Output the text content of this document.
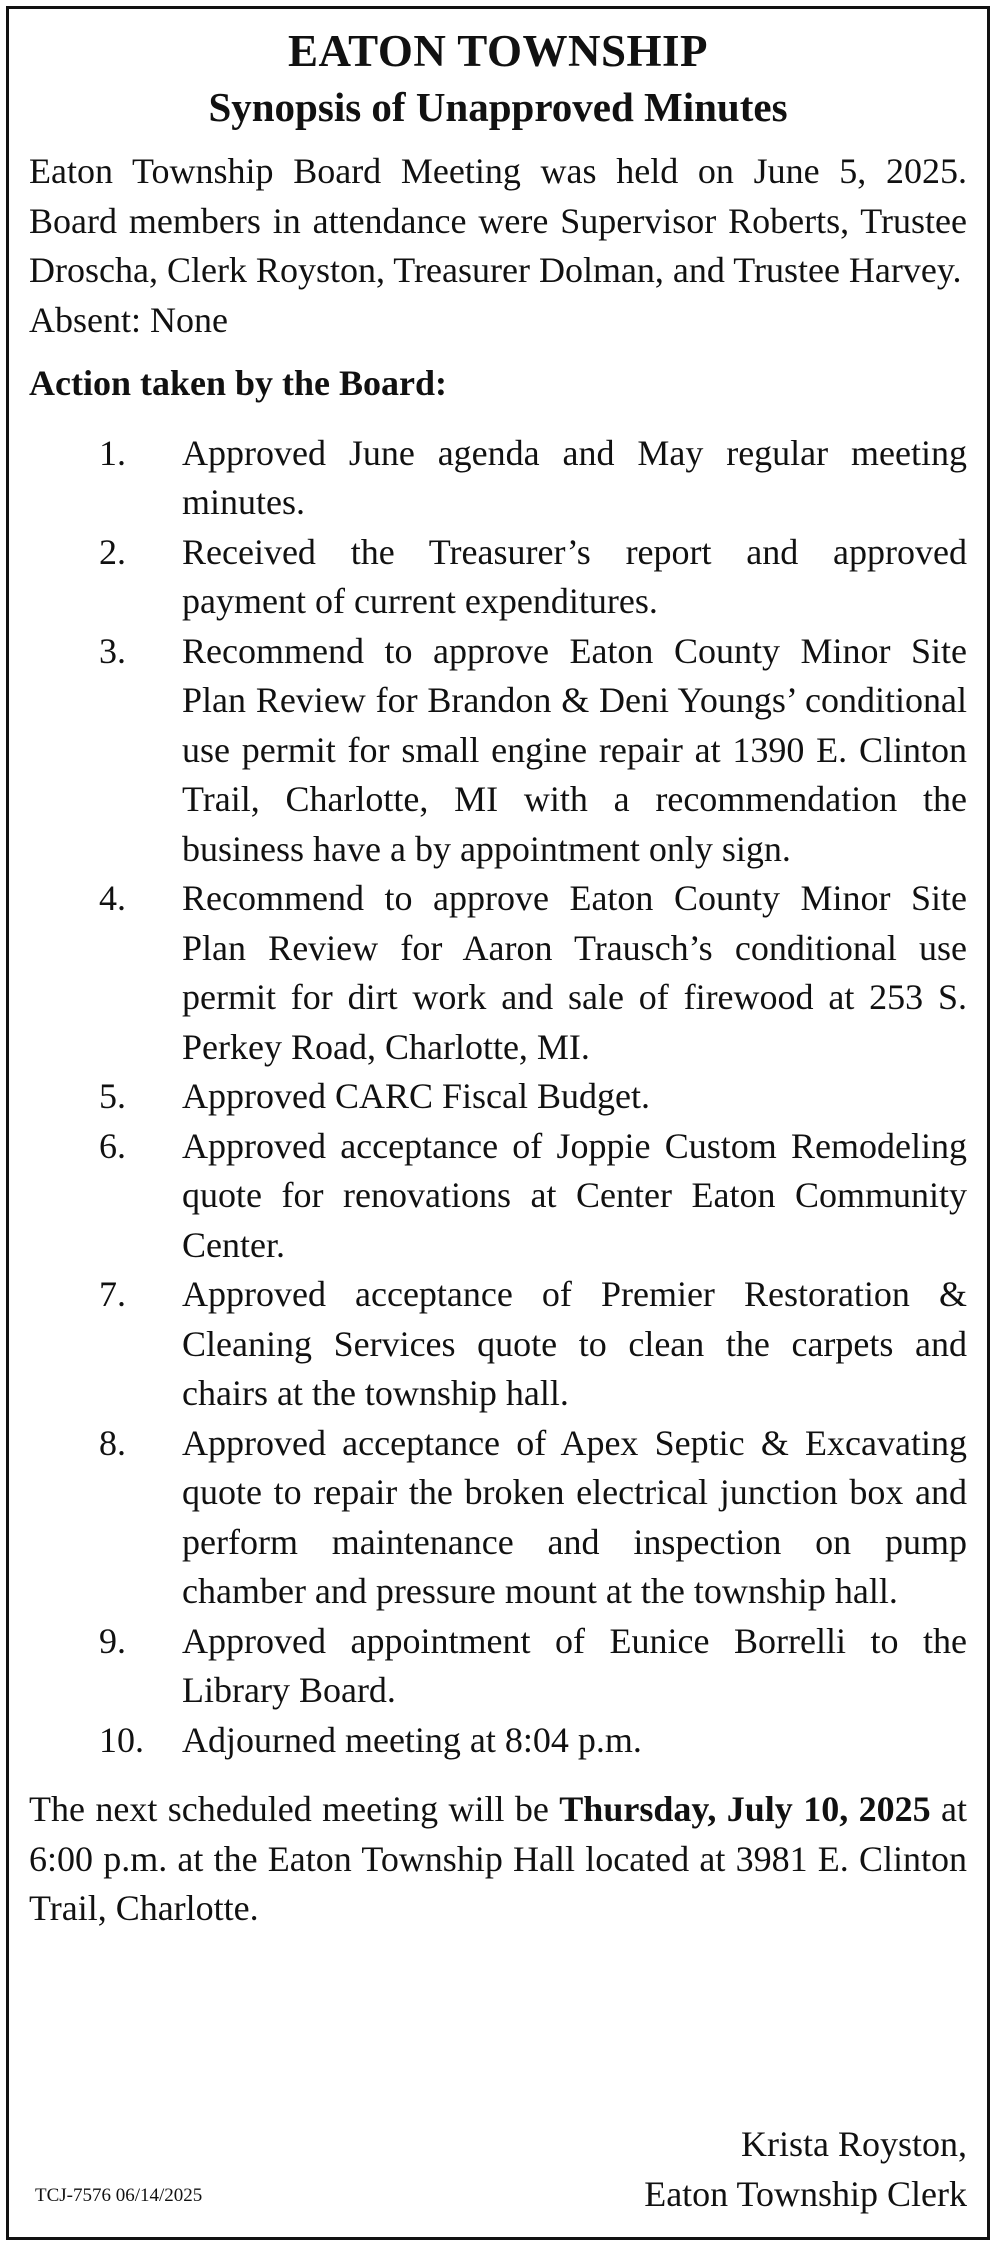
EATON TOWNSHIP
Synopsis of Unapproved Minutes

Eaton Township Board Meeting was held on June 5, 2025. Board members in attendance were Supervisor Roberts, Trustee Droscha, Clerk Royston, Treasurer Dolman, and Trustee Harvey.

Absent: None

Action taken by the Board:

1. Approved June agenda and May regular meeting minutes.
2. Received the Treasurer’s report and approved payment of current expenditures.
3. Recommend to approve Eaton County Minor Site Plan Review for Brandon & Deni Youngs’ conditional use permit for small engine repair at 1390 E. Clinton Trail, Charlotte, MI with a recommendation the business have a by appointment only sign.
4. Recommend to approve Eaton County Minor Site Plan Review for Aaron Trausch’s conditional use permit for dirt work and sale of firewood at 253 S. Perkey Road, Charlotte, MI.
5. Approved CARC Fiscal Budget.
6. Approved acceptance of Joppie Custom Remodeling quote for renovations at Center Eaton Community Center.
7. Approved acceptance of Premier Restoration & Cleaning Services quote to clean the carpets and chairs at the township hall.
8. Approved acceptance of Apex Septic & Excavating quote to repair the broken electrical junction box and perform maintenance and inspection on pump chamber and pressure mount at the township hall.
9. Approved appointment of Eunice Borrelli to the Library Board.
10. Adjourned meeting at 8:04 p.m.

The next scheduled meeting will be Thursday, July 10, 2025 at 6:00 p.m. at the Eaton Township Hall located at 3981 E. Clinton Trail, Charlotte.

TCJ-7576 06/14/2025
Krista Royston,
Eaton Township Clerk
